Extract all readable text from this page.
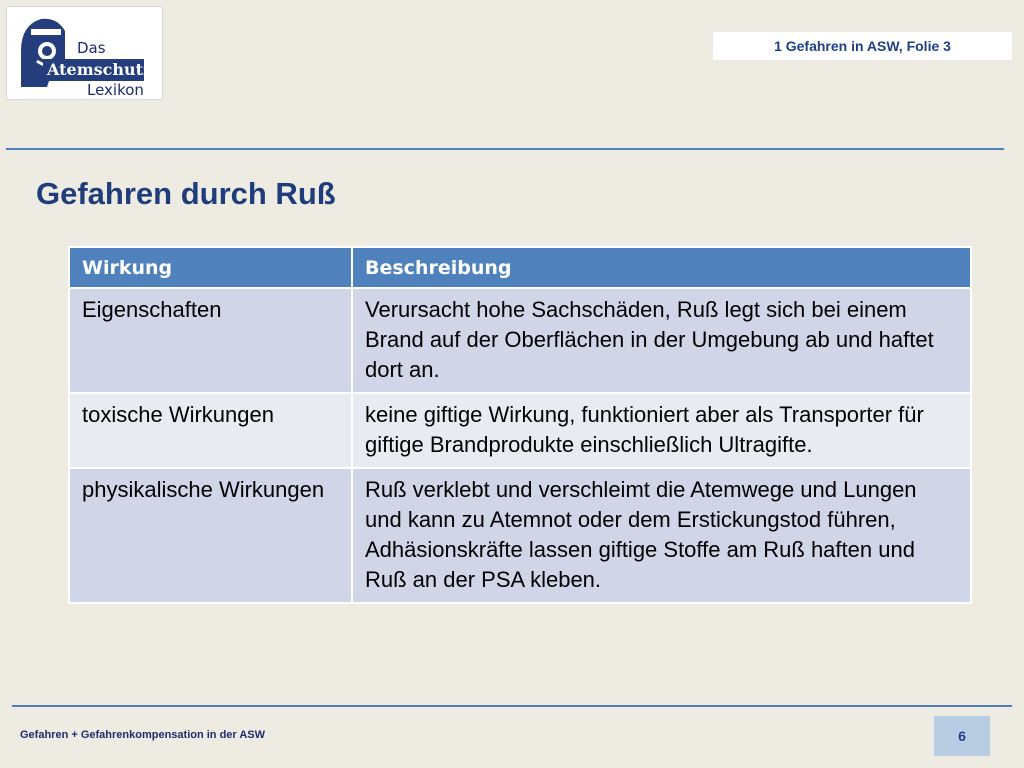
Das
Atemschutz
Lexikon
1 Gefahren in ASW, Folie 3
Gefahren durch Ruß
Wirkung	Beschreibung
Eigenschaften	Verursacht hohe Sachschäden, Ruß legt sich bei einem Brand auf der Oberflächen in der Umgebung ab und haftet dort an.
toxische Wirkungen	keine giftige Wirkung, funktioniert aber als Transporter für giftige Brandprodukte einschließlich Ultragifte.
physikalische Wirkungen	Ruß verklebt und verschleimt die Atemwege und Lungen und kann zu Atemnot oder dem Erstickungstod führen, Adhäsionskräfte lassen giftige Stoffe am Ruß haften und Ruß an der PSA kleben.
Gefahren + Gefahrenkompensation in der ASW	6
